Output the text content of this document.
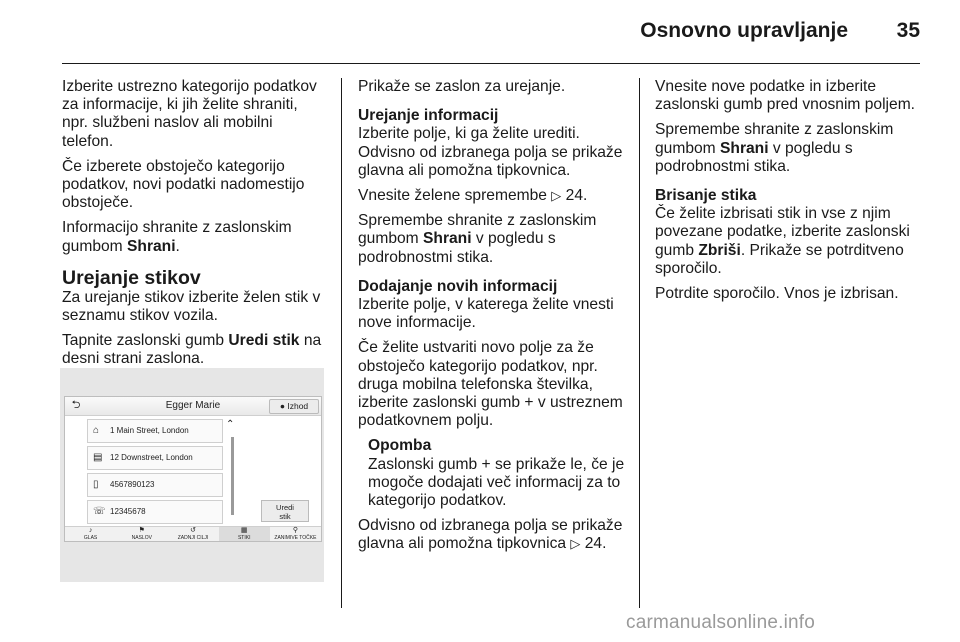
Osnovno upravljanje 35

Izberite ustrezno kategorijo podatkov za informacije, ki jih želite shraniti, npr. službeni naslov ali mobilni telefon.

Če izberete obstoječo kategorijo podatkov, novi podatki nadomestijo obstoječe.

Informacijo shranite z zaslonskim gumbom Shrani.

Urejanje stikov

Za urejanje stikov izberite želen stik v seznamu stikov vozila.

Tapnite zaslonski gumb Uredi stik na desni strani zaslona.

⮌	Egger Marie	● Izhod
⌂ 1 Main Street, London
▤ 12 Downstreet, London
▯ 4567890123
☏ 12345678
⌃
Uredi
stik
♪
GLAS
⚑
NASLOV
↺
ZADNJI CILJI
▦
STIKI
⚲
ZANIMIVE TOČKE

Prikaže se zaslon za urejanje.

Urejanje informacij

Izberite polje, ki ga želite urediti. Odvisno od izbranega polja se prikaže glavna ali pomožna tipkovnica.

Vnesite želene spremembe ▷ 24.

Spremembe shranite z zaslonskim gumbom Shrani v pogledu s podrobnostmi stika.

Dodajanje novih informacij

Izberite polje, v katerega želite vnesti nove informacije.

Če želite ustvariti novo polje za že obstoječo kategorijo podatkov, npr. druga mobilna telefonska številka, izberite zaslonski gumb + v ustreznem podatkovnem polju.

Opomba

Zaslonski gumb + se prikaže le, če je mogoče dodajati več informacij za to kategorijo podatkov.

Odvisno od izbranega polja se prikaže glavna ali pomožna tipkovnica ▷ 24.

Vnesite nove podatke in izberite zaslonski gumb pred vnosnim poljem.

Spremembe shranite z zaslonskim gumbom Shrani v pogledu s podrobnostmi stika.

Brisanje stika

Če želite izbrisati stik in vse z njim povezane podatke, izberite zaslonski gumb Zbriši. Prikaže se potrditveno sporočilo.

Potrdite sporočilo. Vnos je izbrisan.

carmanualsonline.info
